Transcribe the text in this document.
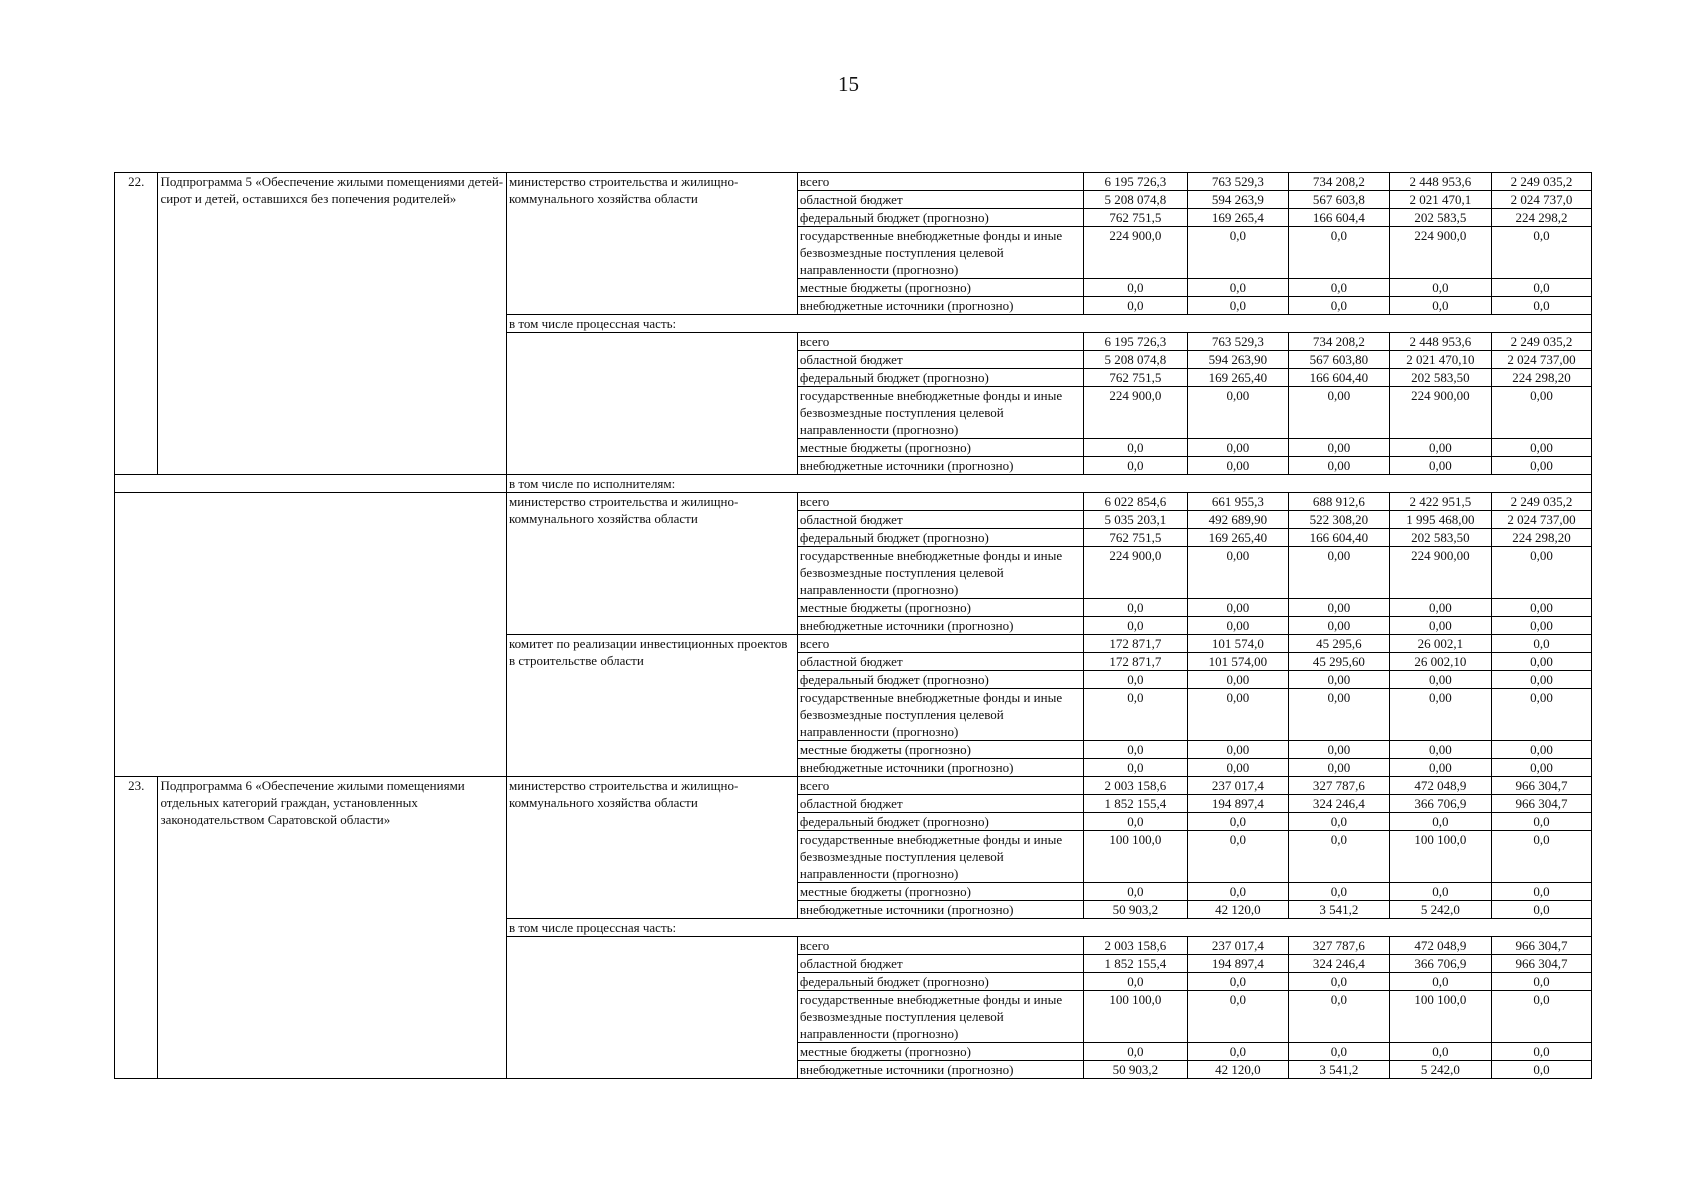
15
22.	Подпрограмма 5 «Обеспечение жилыми помещениями детей-сирот и детей, оставшихся без попечения родителей»	министерство строительства и жилищно-коммунального хозяйства области	всего	6 195 726,3	763 529,3	734 208,2	2 448 953,6	2 249 035,2
			областной бюджет	5 208 074,8	594 263,9	567 603,8	2 021 470,1	2 024 737,0
			федеральный бюджет (прогнозно)	762 751,5	169 265,4	166 604,4	202 583,5	224 298,2
			государственные внебюджетные фонды и иные безвозмездные поступления целевой направленности (прогнозно)	224 900,0	0,0	0,0	224 900,0	0,0
			местные бюджеты (прогнозно)	0,0	0,0	0,0	0,0	0,0
			внебюджетные источники (прогнозно)	0,0	0,0	0,0	0,0	0,0
		в том числе процессная часть:						
			всего	6 195 726,3	763 529,3	734 208,2	2 448 953,6	2 249 035,2
			областной бюджет	5 208 074,8	594 263,90	567 603,80	2 021 470,10	2 024 737,00
			федеральный бюджет (прогнозно)	762 751,5	169 265,40	166 604,40	202 583,50	224 298,20
			государственные внебюджетные фонды и иные безвозмездные поступления целевой направленности (прогнозно)	224 900,0	0,00	0,00	224 900,00	0,00
			местные бюджеты (прогнозно)	0,0	0,00	0,00	0,00	0,00
			внебюджетные источники (прогнозно)	0,0	0,00	0,00	0,00	0,00
		в том числе по исполнителям:						
		министерство строительства и жилищно-коммунального хозяйства области	всего	6 022 854,6	661 955,3	688 912,6	2 422 951,5	2 249 035,2
			областной бюджет	5 035 203,1	492 689,90	522 308,20	1 995 468,00	2 024 737,00
			федеральный бюджет (прогнозно)	762 751,5	169 265,40	166 604,40	202 583,50	224 298,20
			государственные внебюджетные фонды и иные безвозмездные поступления целевой направленности (прогнозно)	224 900,0	0,00	0,00	224 900,00	0,00
			местные бюджеты (прогнозно)	0,0	0,00	0,00	0,00	0,00
			внебюджетные источники (прогнозно)	0,0	0,00	0,00	0,00	0,00
		комитет по реализации инвестиционных проектов в строительстве области	всего	172 871,7	101 574,0	45 295,6	26 002,1	0,0
			областной бюджет	172 871,7	101 574,00	45 295,60	26 002,10	0,00
			федеральный бюджет (прогнозно)	0,0	0,00	0,00	0,00	0,00
			государственные внебюджетные фонды и иные безвозмездные поступления целевой направленности (прогнозно)	0,0	0,00	0,00	0,00	0,00
			местные бюджеты (прогнозно)	0,0	0,00	0,00	0,00	0,00
			внебюджетные источники (прогнозно)	0,0	0,00	0,00	0,00	0,00
23.	Подпрограмма 6 «Обеспечение жилыми помещениями отдельных категорий граждан, установленных законодательством Саратовской области»	министерство строительства и жилищно-коммунального хозяйства области	всего	2 003 158,6	237 017,4	327 787,6	472 048,9	966 304,7
			областной бюджет	1 852 155,4	194 897,4	324 246,4	366 706,9	966 304,7
			федеральный бюджет (прогнозно)	0,0	0,0	0,0	0,0	0,0
			государственные внебюджетные фонды и иные безвозмездные поступления целевой направленности (прогнозно)	100 100,0	0,0	0,0	100 100,0	0,0
			местные бюджеты (прогнозно)	0,0	0,0	0,0	0,0	0,0
			внебюджетные источники (прогнозно)	50 903,2	42 120,0	3 541,2	5 242,0	0,0
		в том числе процессная часть:						
			всего	2 003 158,6	237 017,4	327 787,6	472 048,9	966 304,7
			областной бюджет	1 852 155,4	194 897,4	324 246,4	366 706,9	966 304,7
			федеральный бюджет (прогнозно)	0,0	0,0	0,0	0,0	0,0
			государственные внебюджетные фонды и иные безвозмездные поступления целевой направленности (прогнозно)	100 100,0	0,0	0,0	100 100,0	0,0
			местные бюджеты (прогнозно)	0,0	0,0	0,0	0,0	0,0
			внебюджетные источники (прогнозно)	50 903,2	42 120,0	3 541,2	5 242,0	0,0
